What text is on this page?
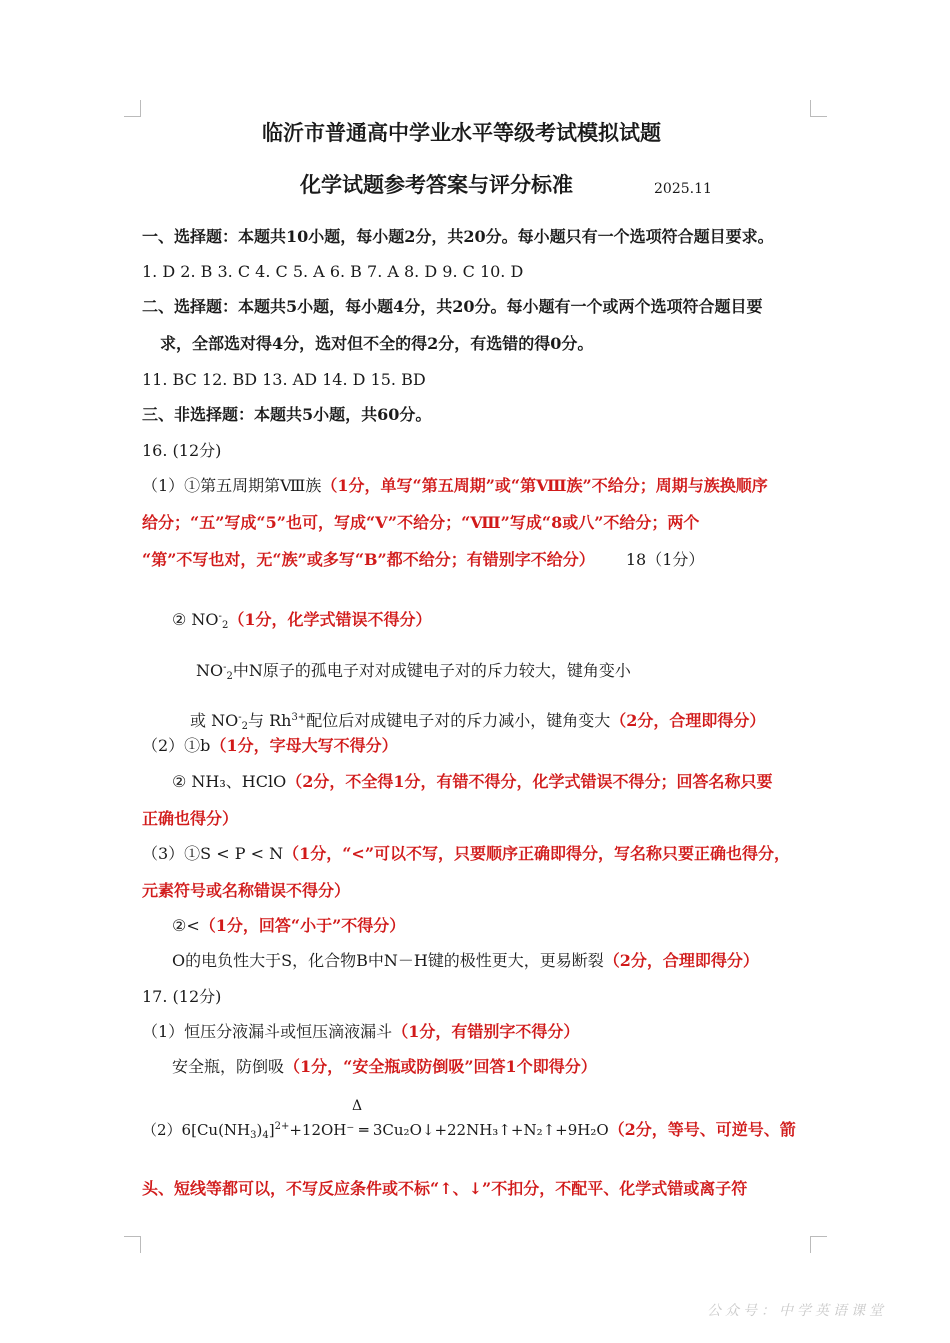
临沂市普通高中学业水平等级考试模拟试题
化学试题参考答案与评分标准	2025.11
一、选择题：本题共10小题，每小题2分，共20分。每小题只有一个选项符合题目要求。
1. D 2. B 3. C 4. C 5. A 6. B 7. A 8. D 9. C 10. D
二、选择题：本题共5小题，每小题4分，共20分。每小题有一个或两个选项符合题目要
求，全部选对得4分，选对但不全的得2分，有选错的得0分。
11. BC 12. BD 13. AD 14. D 15. BD
三、非选择题：本题共5小题，共60分。
16. (12分)
（1）①第五周期第Ⅷ族（1分，单写“第五周期”或“第Ⅷ族”不给分；周期与族换顺序
给分；“五”写成“5”也可，写成“V”不给分；“Ⅷ”写成“8或八”不给分；两个
“第”不写也对，无“族”或多写“B”都不给分；有错别字不给分） 18（1分）
② $NO^-_2(1$分，化学式错误不得分）
$NO^-_2$中N原子的孤电子对对成键电子对的斥力较大，键角变小
或 $NO^-_2$与 $Rh^{3+}$配位后对成键电子对的斥力减小，键角变大（2分，合理即得分）
（2）①b（1分，字母大写不得分）
② NH₃、HClO（2分，不全得1分，有错不得分，化学式错误不得分；回答名称只要
正确也得分）
（3）①S < P < N（1分，“<”可以不写，只要顺序正确即得分，写名称只要正确也得分，
元素符号或名称错误不得分）
②<（1分，回答“小于”不得分）
O的电负性大于S，化合物B中N－H键的极性更大，更易断裂（2分，合理即得分）
17. (12分)
（1）恒压分液漏斗或恒压滴液漏斗（1分，有错别字不得分）
安全瓶，防倒吸（1分，“安全瓶或防倒吸”回答1个即得分）
Δ
$(2)6[Cu(NH_3)_4]^{2+}+12OH^-$ ═ 3Cu₂O↓+22NH₃↑+N₂↑+9H₂O（2分，等号、可逆号、箭
头、短线等都可以，不写反应条件或不标“↑、↓”不扣分，不配平、化学式错或离子符
公众号：中学英语课堂
